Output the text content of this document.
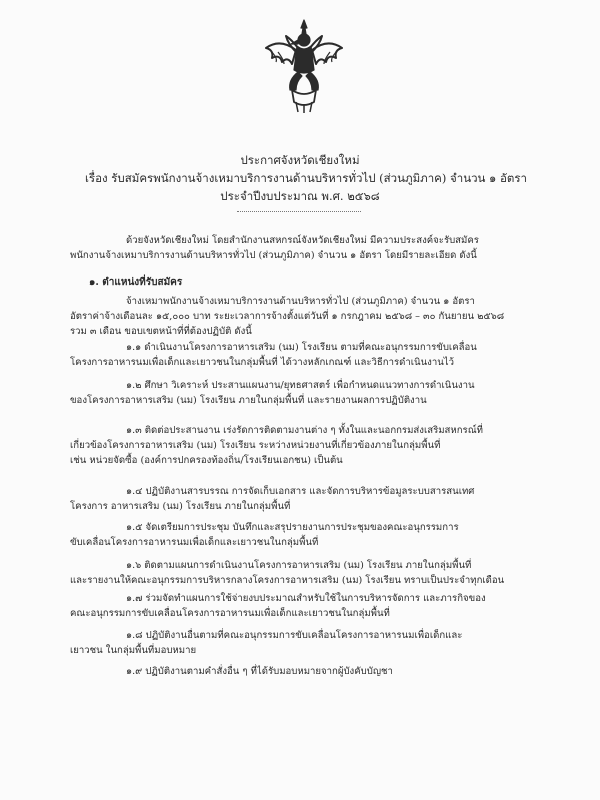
ประกาศจังหวัดเชียงใหม่
เรื่อง รับสมัครพนักงานจ้างเหมาบริการงานด้านบริหารทั่วไป (ส่วนภูมิภาค) จำนวน ๑ อัตรา
ประจำปีงบประมาณ พ.ศ. ๒๕๖๘
ด้วยจังหวัดเชียงใหม่ โดยสำนักงานสหกรณ์จังหวัดเชียงใหม่ มีความประสงค์จะรับสมัคร
พนักงานจ้างเหมาบริการงานด้านบริหารทั่วไป (ส่วนภูมิภาค) จำนวน ๑ อัตรา โดยมีรายละเอียด ดังนี้
๑. ตำแหน่งที่รับสมัคร
จ้างเหมาพนักงานจ้างเหมาบริการงานด้านบริหารทั่วไป (ส่วนภูมิภาค) จำนวน ๑ อัตรา
อัตราค่าจ้างเดือนละ ๑๕,๐๐๐ บาท ระยะเวลาการจ้างตั้งแต่วันที่ ๑ กรกฎาคม ๒๕๖๘ – ๓๐ กันยายน ๒๕๖๘
รวม ๓ เดือน ขอบเขตหน้าที่ที่ต้องปฏิบัติ ดังนี้
๑.๑ ดำเนินงานโครงการอาหารเสริม (นม) โรงเรียน ตามที่คณะอนุกรรมการขับเคลื่อน
โครงการอาหารนมเพื่อเด็กและเยาวชนในกลุ่มพื้นที่ ได้วางหลักเกณฑ์ และวิธีการดำเนินงานไว้
๑.๒ ศึกษา วิเคราะห์ ประสานแผนงาน/ยุทธศาสตร์ เพื่อกำหนดแนวทางการดำเนินงาน
ของโครงการอาหารเสริม (นม) โรงเรียน ภายในกลุ่มพื้นที่ และรายงานผลการปฏิบัติงาน
๑.๓ ติดต่อประสานงาน เร่งรัดการติดตามงานต่าง ๆ ทั้งในและนอกกรมส่งเสริมสหกรณ์ที่
เกี่ยวข้องโครงการอาหารเสริม (นม) โรงเรียน ระหว่างหน่วยงานที่เกี่ยวข้องภายในกลุ่มพื้นที่
เช่น หน่วยจัดซื้อ (องค์การปกครองท้องถิ่น/โรงเรียนเอกชน) เป็นต้น
๑.๔ ปฏิบัติงานสารบรรณ การจัดเก็บเอกสาร และจัดการบริหารข้อมูลระบบสารสนเทศ
โครงการ อาหารเสริม (นม) โรงเรียน ภายในกลุ่มพื้นที่
๑.๕ จัดเตรียมการประชุม บันทึกและสรุปรายงานการประชุมของคณะอนุกรรมการ
ขับเคลื่อนโครงการอาหารนมเพื่อเด็กและเยาวชนในกลุ่มพื้นที่
๑.๖ ติดตามแผนการดำเนินงานโครงการอาหารเสริม (นม) โรงเรียน ภายในกลุ่มพื้นที่
และรายงานให้คณะอนุกรรมการบริหารกลางโครงการอาหารเสริม (นม) โรงเรียน ทราบเป็นประจำทุกเดือน
๑.๗ ร่วมจัดทำแผนการใช้จ่ายงบประมาณสำหรับใช้ในการบริหารจัดการ และภารกิจของ
คณะอนุกรรมการขับเคลื่อนโครงการอาหารนมเพื่อเด็กและเยาวชนในกลุ่มพื้นที่
๑.๘ ปฏิบัติงานอื่นตามที่คณะอนุกรรมการขับเคลื่อนโครงการอาหารนมเพื่อเด็กและ
เยาวชน ในกลุ่มพื้นที่มอบหมาย
๑.๙ ปฏิบัติงานตามคำสั่งอื่น ๆ ที่ได้รับมอบหมายจากผู้บังคับบัญชา
